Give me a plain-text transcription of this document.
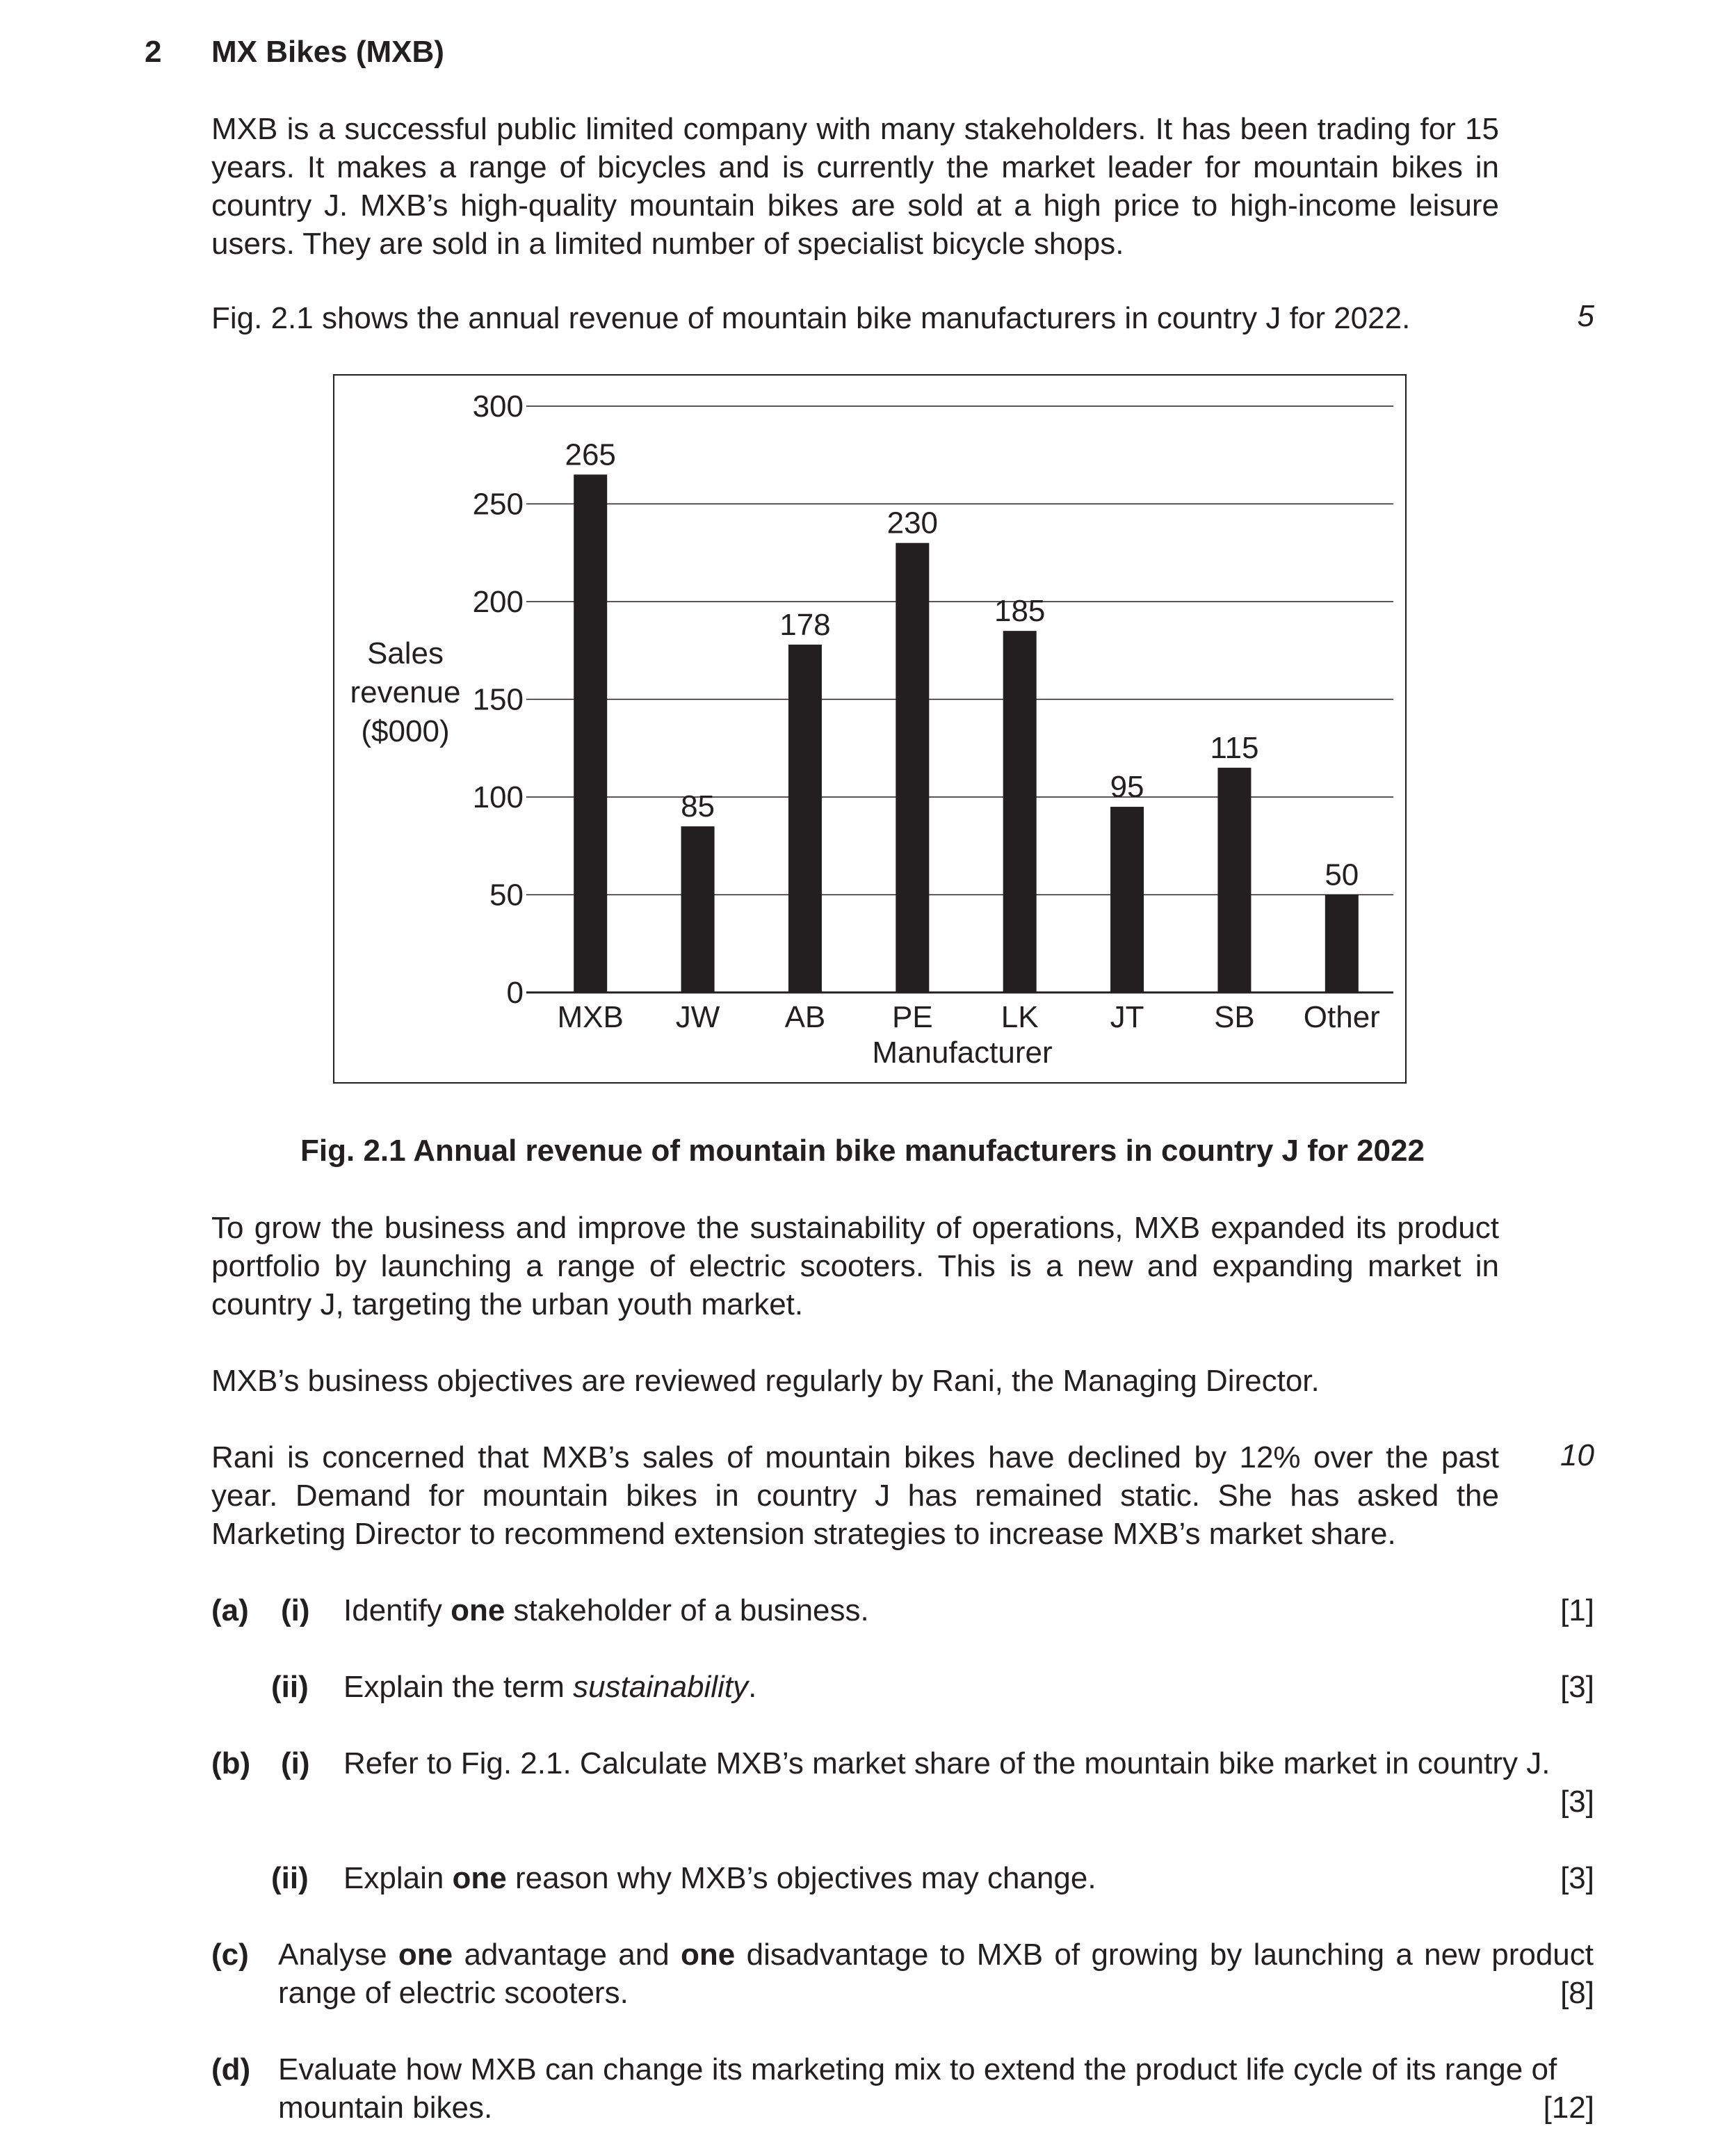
2 MX Bikes (MXB)
MXB is a successful public limited company with many stakeholders. It has been trading for 15 years. It makes a range of bicycles and is currently the market leader for mountain bikes in country J. MXB’s high-quality mountain bikes are sold at a high price to high-income leisure users. They are sold in a limited number of specialist bicycle shops.
Fig. 2.1 shows the annual revenue of mountain bike manufacturers in country J for 2022.	5
Sales
revenue
($000)
0
50
100
150
200
250
300
265
85
178
230
185
95
115
50
MXB JW AB PE LK JT SB Other
Manufacturer
Fig. 2.1 Annual revenue of mountain bike manufacturers in country J for 2022
To grow the business and improve the sustainability of operations, MXB expanded its product portfolio by launching a range of electric scooters. This is a new and expanding market in country J, targeting the urban youth market.
MXB’s business objectives are reviewed regularly by Rani, the Managing Director.
Rani is concerned that MXB’s sales of mountain bikes have declined by 12% over the past year. Demand for mountain bikes in country J has remained static. She has asked the Marketing Director to recommend extension strategies to increase MXB’s market share.
10
(a) (i) Identify one stakeholder of a business.	[1]
(ii) Explain the term sustainability.	[3]
(b) (i) Refer to Fig. 2.1. Calculate MXB’s market share of the mountain bike market in country J.
[3]
(ii) Explain one reason why MXB’s objectives may change.	[3]
(c) Analyse one advantage and one disadvantage to MXB of growing by launching a new product range of electric scooters.	[8]
(d) Evaluate how MXB can change its marketing mix to extend the product life cycle of its range of mountain bikes.	[12]
